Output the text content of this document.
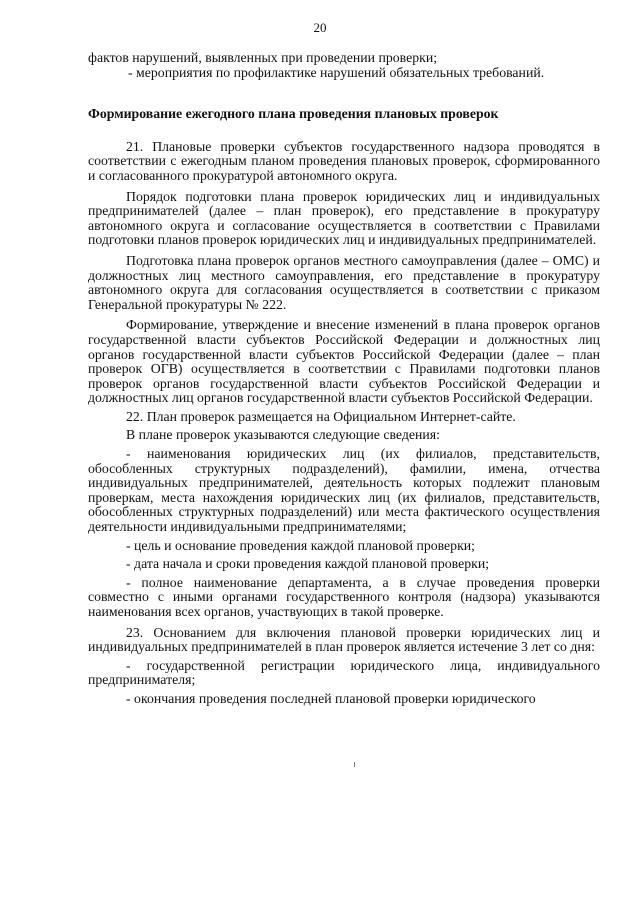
20

фактов нарушений, выявленных при проведении проверки;

- мероприятия по профилактике нарушений обязательных требований.

Формирование ежегодного плана проведения плановых проверок

21. Плановые проверки субъектов государственного надзора проводятся в соответствии с ежегодным планом проведения плановых проверок, сформированного и согласованного прокуратурой автономного округа.

Порядок подготовки плана проверок юридических лиц и индивидуальных предпринимателей (далее – план проверок), его представление в прокуратуру автономного округа и согласование осуществляется в соответствии с Правилами подготовки планов проверок юридических лиц и индивидуальных предпринимателей.

Подготовка плана проверок органов местного самоуправления (далее – ОМС) и должностных лиц местного самоуправления, его представление в прокуратуру автономного округа для согласования осуществляется в соответствии с приказом Генеральной прокуратуры № 222.

Формирование, утверждение и внесение изменений в плана проверок органов государственной власти субъектов Российской Федерации и должностных лиц органов государственной власти субъектов Российской Федерации (далее – план проверок ОГВ) осуществляется в соответствии с Правилами подготовки планов проверок органов государственной власти субъектов Российской Федерации и должностных лиц органов государственной власти субъектов Российской Федерации.

22. План проверок размещается на Официальном Интернет-сайте.

В плане проверок указываются следующие сведения:

- наименования юридических лиц (их филиалов, представительств, обособленных структурных подразделений), фамилии, имена, отчества индивидуальных предпринимателей, деятельность которых подлежит плановым проверкам, места нахождения юридических лиц (их филиалов, представительств, обособленных структурных подразделений) или места фактического осуществления деятельности индивидуальными предпринимателями;

- цель и основание проведения каждой плановой проверки;

- дата начала и сроки проведения каждой плановой проверки;

- полное наименование департамента, а в случае проведения проверки совместно с иными органами государственного контроля (надзора) указываются наименования всех органов, участвующих в такой проверке.

23. Основанием для включения плановой проверки юридических лиц и индивидуальных предпринимателей в план проверок является истечение 3 лет со дня:

- государственной регистрации юридического лица, индивидуального предпринимателя;

- окончания проведения последней плановой проверки юридического
